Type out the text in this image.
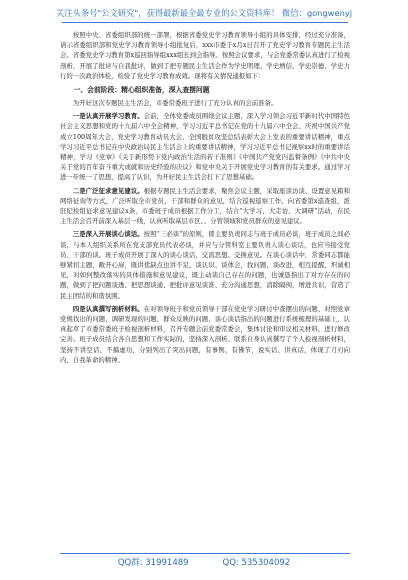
关注头条号"公文研究"，获得最新最全最专业的公文资料库！ 微信：gongwenyj

按照中央、省委组织部的统一部署，根据省委党史学习教育领导小组的具体安排，经过充分准备，请示省委组织部和党史学习教育领导小组批复后，xxx市委于x月x日召开了党史学习教育专题民主生活会。省委党史学习教育第x巡回指导组xxx组长到会指导。按照会议要求，与会党委常委认真进行了检视剖析，开展了批评与自我批评，做到了把专题民主生活会作为学史明理、学史增信、学史崇德、学史力行的一次政治体检，检验了党史学习教育成效。现将有关情况通报如下：

一、会前阶段：精心组织准备，深入查摆问题

为开好这次专题民主生活会，市委常委班子进行了充分认真的会前准备。

一是认真开展学习教育。会前，全体党委成员围绕会议主题，深入学习领会习近平新时代中国特色社会主义思想和党的十九届六中全会精神，学习习近平总书记在党的十九届六中全会、庆祝中国共产党成立100周年大会、党史学习教育动员大会、全国脱贫攻坚总结表彰大会上发表的重要讲话精神，重点学习习近平总书记在中央政治局民主生活会上的重要讲话精神，学习习近平总书记视察xx时的重要讲话精神，学习《党章》《关于新形势下党内政治生活的若干准则》《中国共产党党内监督条例》《中共中央关于党的百年奋斗重大成就和历史经验的决议》和党中央关于开展党史学习教育的有关要求。通过学习进一步统一了思想，提高了认识，为开好民主生活会打下了思想基础。

二是广泛征求意见建议。根据专题民主生活会要求，聚焦会议主题，采取座谈访谈、设置意见箱和网络征询等方式，广泛听取全市党员、干部和群众的意见，结合巡视巡察工作、向省委第x巡查组、派驻纪检组征求意见建议x条，市委班子成员根据工作分工，结合“大学习、大走访、大调研”活动，在民主生活会召开前深入基层一线，认真听取基层市区、、分管领域和党员群众的意见建议。

三是深入开展谈心谈话。按照“三必谈”的原则，即主要负责同志与班子成员必谈，班子成员之间必谈，与本人组织关系所在党支部党员代表必谈，并应与分管科室主要负责人谈心谈话，也应当接受党员、干部的谈。班子成员开展了深入的谈心谈话，交流思想、交换意见。在谈心谈话中，常委同志都能够紧扣主题，敞开心扉，既讲优缺点也讲不足，谈认识、谈体会，找问题、谈改进，相互提醒，坦诚相见，对如何整改落实的具体措施和意见建议，既主动谈自己存在的问题，也诚恳指出了对方存在的问题，做到了把问题谈透、把思想谈通、把批评意见谈准、充分沟通思想，消除隔阂，增进共识，营造了民主团结的和谐氛围。

四是认真撰写剖析材料。在对领导班子和党员领导干部在党史学习研讨中查摆出的问题、对照党章党规找出的问题、调研发现的问题、群众反映的问题、谈心谈话指出的问题进行系统梳理的基础上，认真起草了市委常委班子检视剖析材料，召开专题会前党委常委会，集体讨论和审议相关材料，进行修改完善。班子成员结合各自思想和工作实际的，坚持深入剖析、联系自身认真撰写了个人检视剖析材料，坚持不讲空话、不搞虚功，分别列出了突出问题，有事例、有佛节，说实话、讲真话，体现了刀刃向内、自我革命的精神。

QQ群: 31991489	QQ: 535304092
